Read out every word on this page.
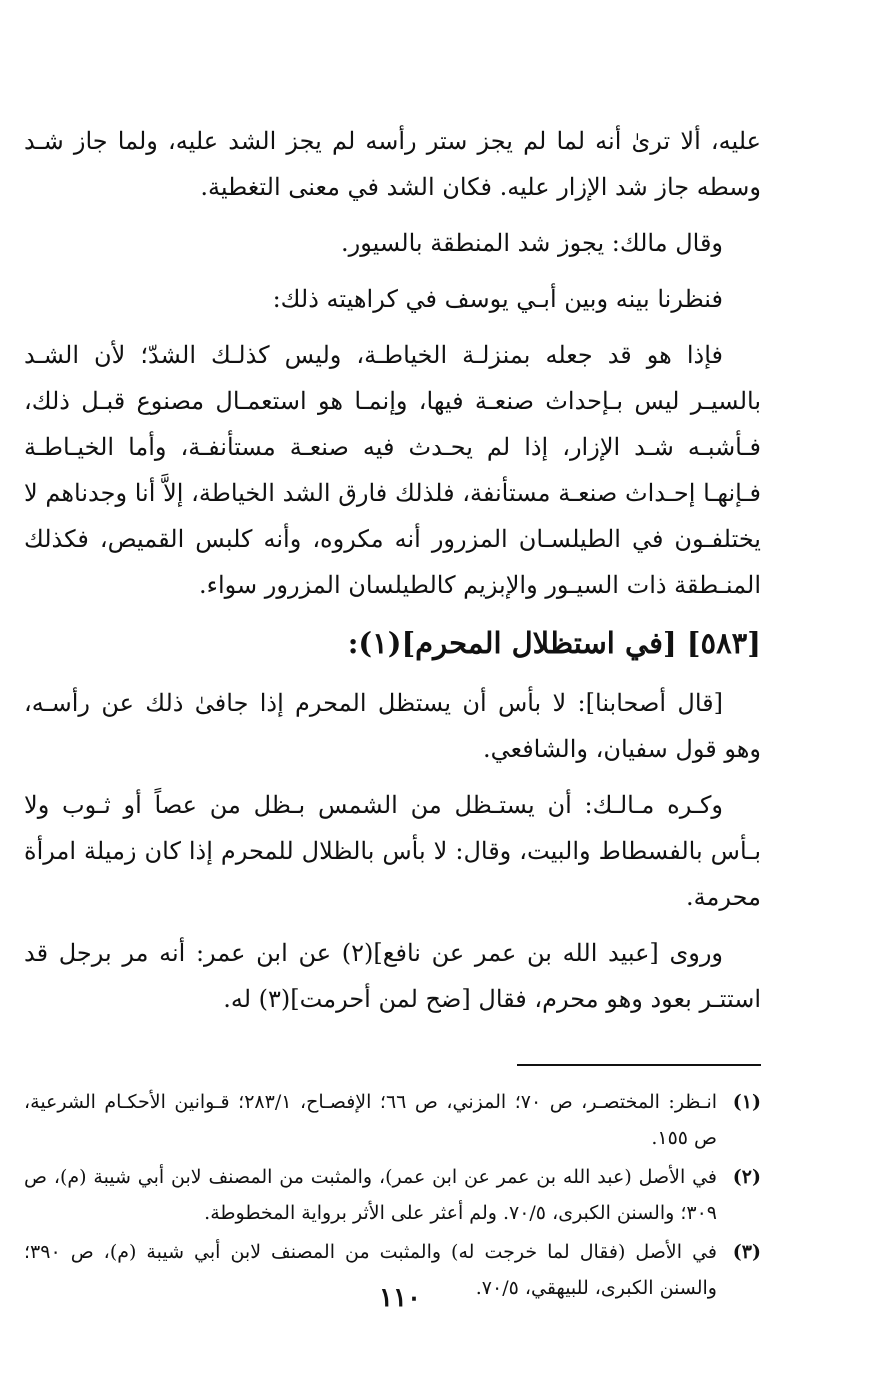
عليه، ألا ترىٰ أنه لما لم يجز ستر رأسه لم يجز الشد عليه، ولما جاز شـد وسطه جاز شد الإزار عليه. فكان الشد في معنى التغطية.

وقال مالك: يجوز شد المنطقة بالسيور.

فنظرنا بينه وبين أبـي يوسف في كراهيته ذلك:

فإذا هو قد جعله بمنزلـة الخياطـة، وليس كذلـك الشدّ؛ لأن الشـد بالسيـر ليس بـإحداث صنعـة فيها، وإنمـا هو استعمـال مصنوع قبـل ذلك، فـأشبـه شـد الإزار، إذا لم يحـدث فيه صنعـة مستأنفـة، وأما الخيـاطـة فـإنهـا إحـداث صنعـة مستأنفة، فلذلك فارق الشد الخياطة، إلاَّ أنا وجدناهم لا يختلفـون في الطيلسـان المزرور أنه مكروه، وأنه كلبس القميص، فكذلك المنـطقة ذات السيـور والإبزيم كالطيلسان المزرور سواء.

[٥٨٣] [في استظلال المحرم](١):

[قال أصحابنا]: لا بأس أن يستظل المحرم إذا جافىٰ ذلك عن رأسـه، وهو قول سفيان، والشافعي.

وكـره مـالـك: أن يستـظل من الشمس بـظل من عصاً أو ثـوب ولا بـأس بالفسطاط والبيت، وقال: لا بأس بالظلال للمحرم إذا كان زميلة امرأة محرمة.

وروى [عبيد الله بن عمر عن نافع](٢) عن ابن عمر: أنه مر برجل قد استتـر بعود وهو محرم، فقال [ضح لمن أحرمت](٣) له.

(١)
انـظر: المختصـر، ص ٧٠؛ المزني، ص ٦٦؛ الإفصـاح، ٢٨٣/١؛ قـوانين الأحكـام الشرعية، ص ١٥٥.
(٢)
في الأصل (عبد الله بن عمر عن ابن عمر)، والمثبت من المصنف لابن أبي شيبة (م)، ص ٣٠٩؛ والسنن الكبرى، ٧٠/٥. ولم أعثر على الأثر برواية المخطوطة.
(٣)
في الأصل (فقال لما خرجت له) والمثبت من المصنف لابن أبي شيبة (م)، ص ٣٩٠؛ والسنن الكبرى، للبيهقي، ٧٠/٥.
١١٠
